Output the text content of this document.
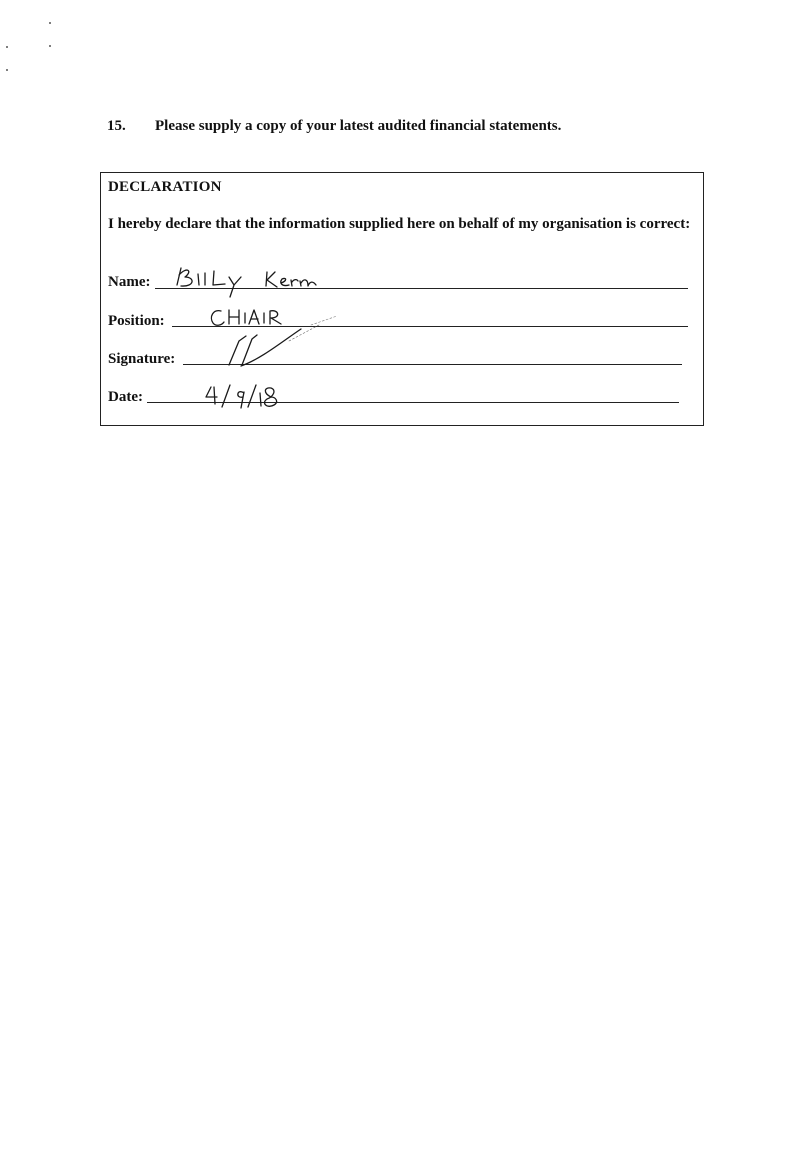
15. Please supply a copy of your latest audited financial statements.
DECLARATION
I hereby declare that the information supplied here on behalf of my organisation is correct:
Name:
Position:
Signature:
Date:
